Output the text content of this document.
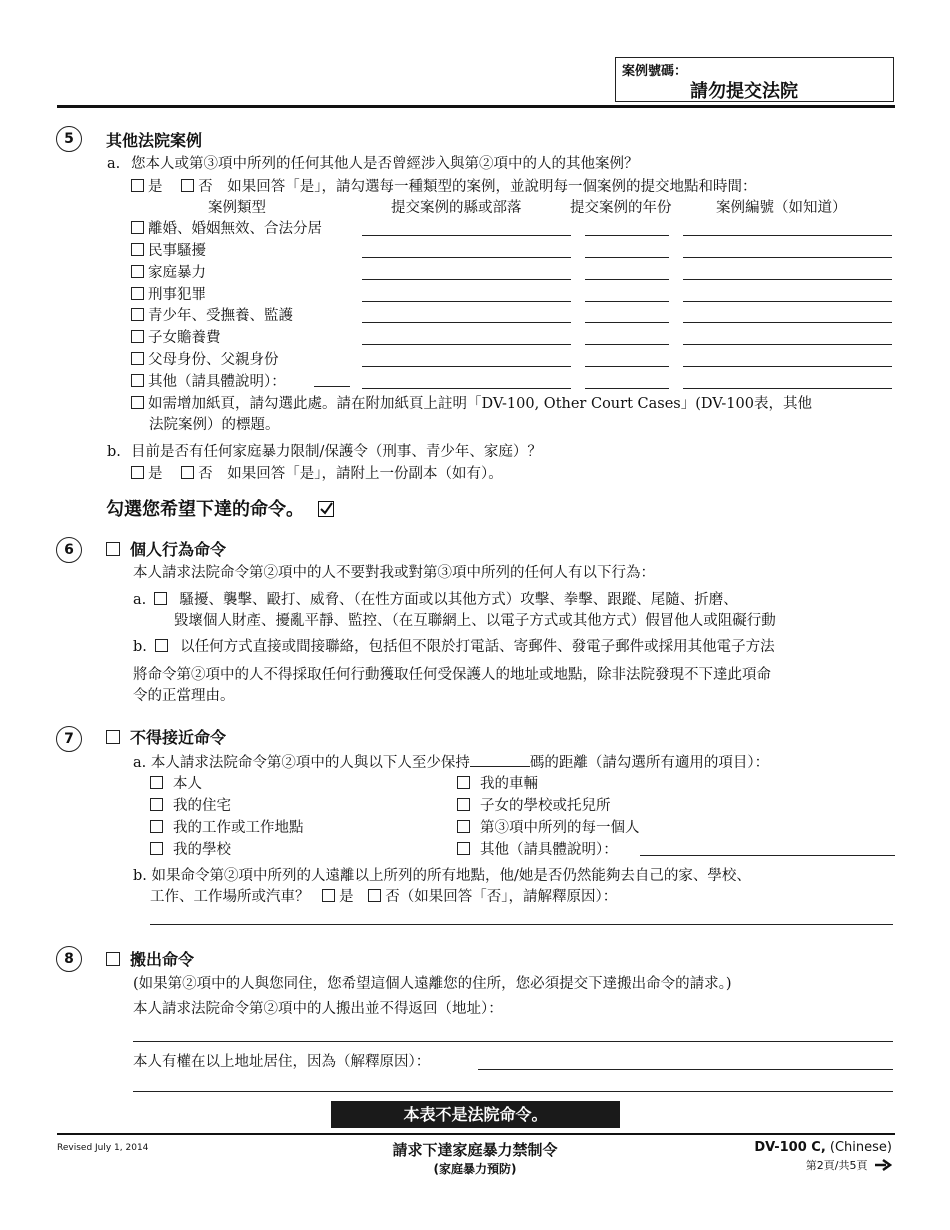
案例號碼：
請勿提交法院
5	其他法院案例
a. 您本人或第③項中所列的任何其他人是否曾經涉入與第②項中的人的其他案例？
是 否 如果回答「是」，請勾選每一種類型的案例，並說明每一個案例的提交地點和時間：
案例類型	提交案例的縣或部落	提交案例的年份	案例編號（如知道）
離婚、婚姻無效、合法分居
民事騷擾
家庭暴力
刑事犯罪
青少年、受撫養、監護
子女贍養費
父母身份、父親身份
其他（請具體說明）：
如需增加紙頁，請勾選此處。請在附加紙頁上註明「DV-100, Other Court Cases」(DV-100表，其他
法院案例）的標題。
b. 目前是否有任何家庭暴力限制/保護令（刑事、青少年、家庭）？
是 否 如果回答「是」，請附上一份副本（如有）。
勾選您希望下達的命令。
6	個人行為命令
本人請求法院命令第②項中的人不要對我或對第③項中所列的任何人有以下行為：
a. 騷擾、襲擊、毆打、威脅、（在性方面或以其他方式）攻擊、拳擊、跟蹤、尾隨、折磨、
毀壞個人財產、擾亂平靜、監控、（在互聯網上、以電子方式或其他方式）假冒他人或阻礙行動
b. 以任何方式直接或間接聯絡，包括但不限於打電話、寄郵件、發電子郵件或採用其他電子方法
將命令第②項中的人不得採取任何行動獲取任何受保護人的地址或地點，除非法院發現不下達此項命
令的正當理由。
7	不得接近命令
a. 本人請求法院命令第②項中的人與以下人至少保持	碼的距離（請勾選所有適用的項目）：
本人
我的住宅
我的工作或工作地點
我的學校
我的車輛
子女的學校或托兒所
第③項中所列的每一個人
其他（請具體說明）：
b. 如果命令第②項中所列的人遠離以上所列的所有地點，他/她是否仍然能夠去自己的家、學校、
工作、工作場所或汽車？ 是 否（如果回答「否」，請解釋原因）：
8	搬出命令
(如果第②項中的人與您同住，您希望這個人遠離您的住所，您必須提交下達搬出命令的請求。)
本人請求法院命令第②項中的人搬出並不得返回（地址）：
本人有權在以上地址居住，因為（解釋原因）：
本表不是法院命令。
Revised July 1, 2014	請求下達家庭暴力禁制令
(家庭暴力預防)
DV-100 C, (Chinese)
第2頁/共5頁
